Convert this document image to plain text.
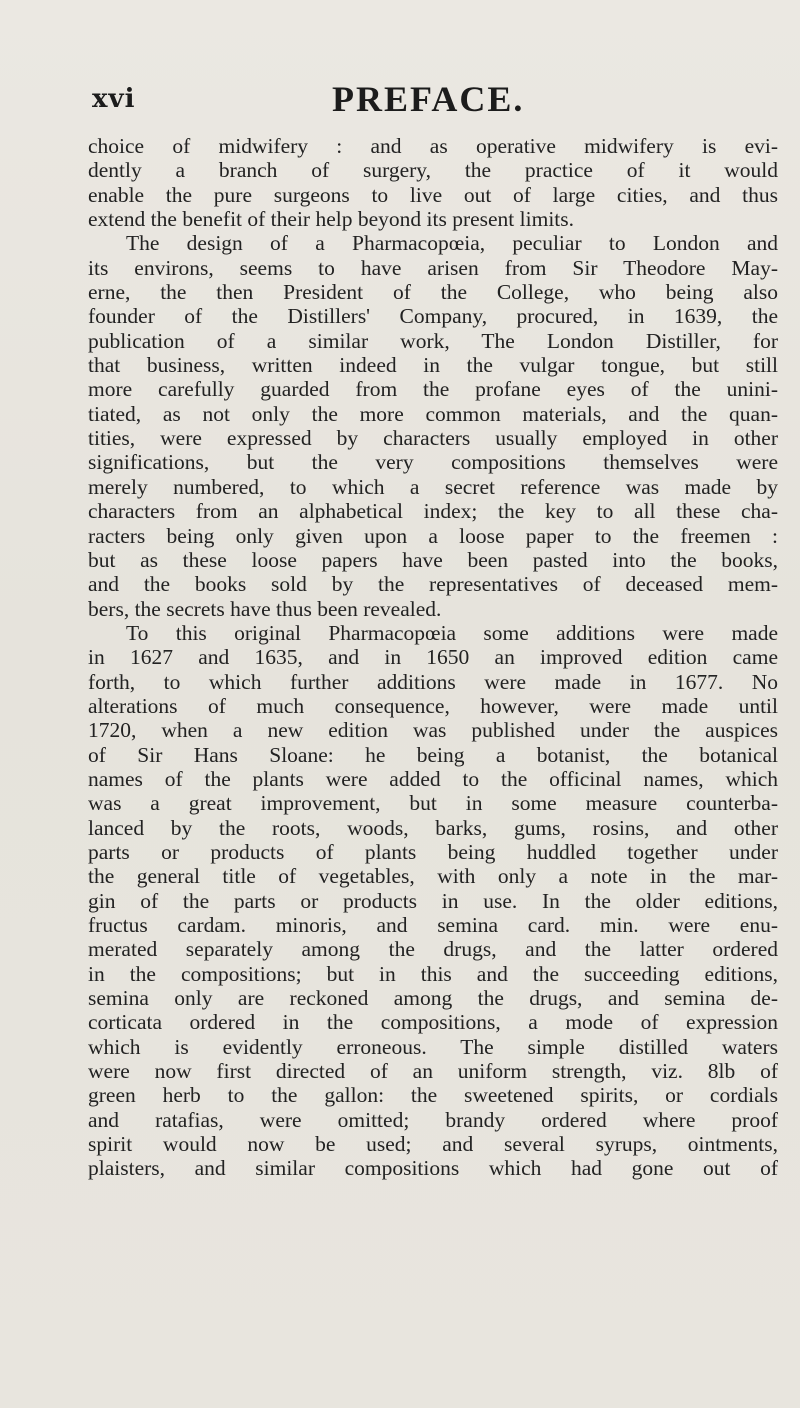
xvi	PREFACE.
choice of midwifery : and as operative midwifery is evi-
dently a branch of surgery, the practice of it would
enable the pure surgeons to live out of large cities, and thus
extend the benefit of their help beyond its present limits.
The design of a Pharmacopœia, peculiar to London and
its environs, seems to have arisen from Sir Theodore May-
erne, the then President of the College, who being also
founder of the Distillers' Company, procured, in 1639, the
publication of a similar work, The London Distiller, for
that business, written indeed in the vulgar tongue, but still
more carefully guarded from the profane eyes of the unini-
tiated, as not only the more common materials, and the quan-
tities, were expressed by characters usually employed in other
significations, but the very compositions themselves were
merely numbered, to which a secret reference was made by
characters from an alphabetical index; the key to all these cha-
racters being only given upon a loose paper to the freemen :
but as these loose papers have been pasted into the books,
and the books sold by the representatives of deceased mem-
bers, the secrets have thus been revealed.
To this original Pharmacopœia some additions were made
in 1627 and 1635, and in 1650 an improved edition came
forth, to which further additions were made in 1677. No
alterations of much consequence, however, were made until
1720, when a new edition was published under the auspices
of Sir Hans Sloane: he being a botanist, the botanical
names of the plants were added to the officinal names, which
was a great improvement, but in some measure counterba-
lanced by the roots, woods, barks, gums, rosins, and other
parts or products of plants being huddled together under
the general title of vegetables, with only a note in the mar-
gin of the parts or products in use. In the older editions,
fructus cardam. minoris, and semina card. min. were enu-
merated separately among the drugs, and the latter ordered
in the compositions; but in this and the succeeding editions,
semina only are reckoned among the drugs, and semina de-
corticata ordered in the compositions, a mode of expression
which is evidently erroneous. The simple distilled waters
were now first directed of an uniform strength, viz. 8lb of
green herb to the gallon: the sweetened spirits, or cordials
and ratafias, were omitted; brandy ordered where proof
spirit would now be used; and several syrups, ointments,
plaisters, and similar compositions which had gone out of
